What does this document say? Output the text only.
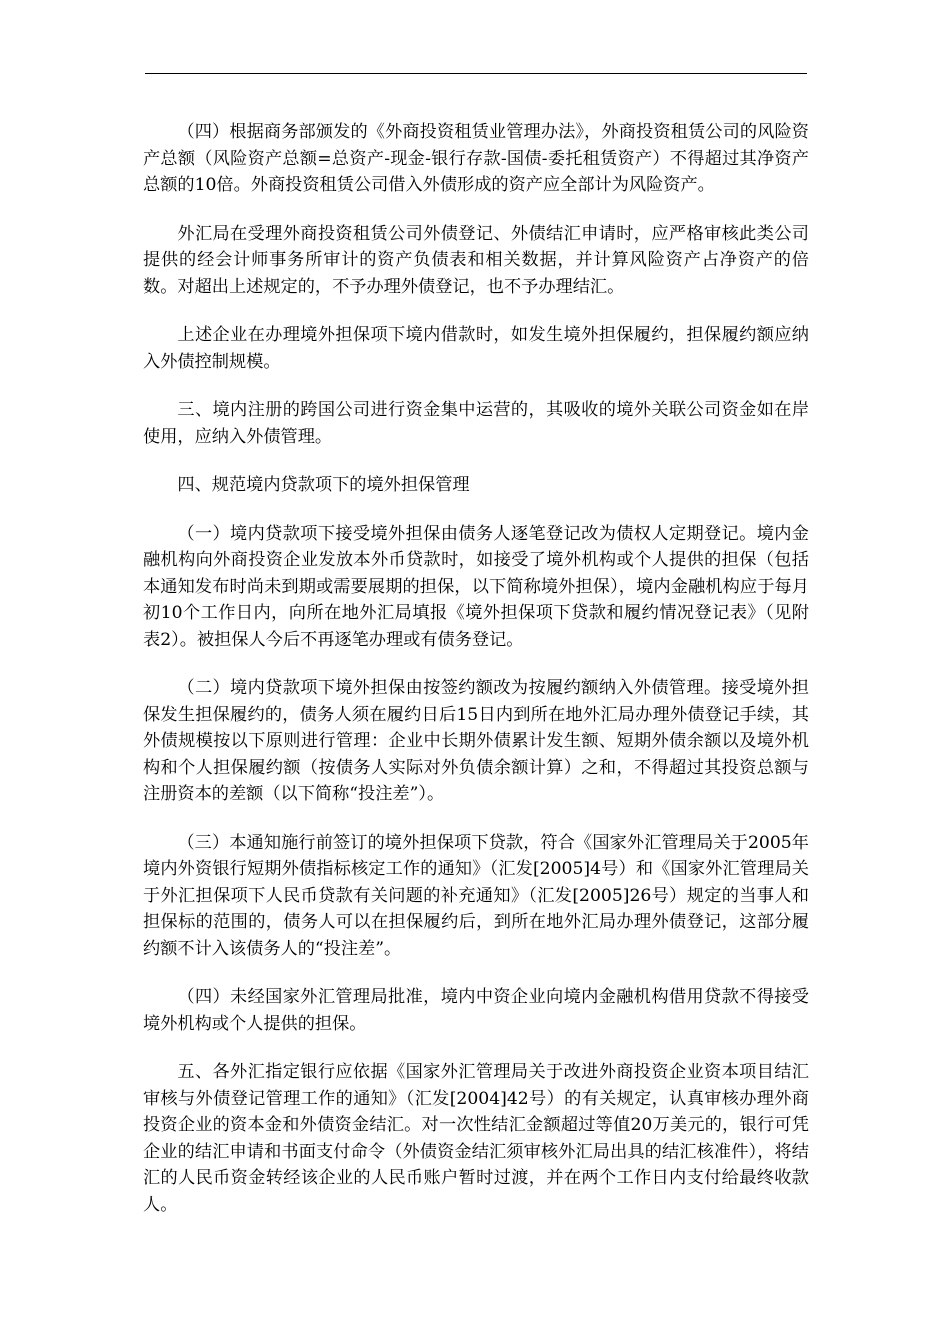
（四）根据商务部颁发的《外商投资租赁业管理办法》，外商投资租赁公司的风险资产总额（风险资产总额=总资产-现金-银行存款-国债-委托租赁资产）不得超过其净资产总额的10倍。外商投资租赁公司借入外债形成的资产应全部计为风险资产。

外汇局在受理外商投资租赁公司外债登记、外债结汇申请时，应严格审核此类公司提供的经会计师事务所审计的资产负债表和相关数据，并计算风险资产占净资产的倍数。对超出上述规定的，不予办理外债登记，也不予办理结汇。

上述企业在办理境外担保项下境内借款时，如发生境外担保履约，担保履约额应纳入外债控制规模。

三、境内注册的跨国公司进行资金集中运营的，其吸收的境外关联公司资金如在岸使用，应纳入外债管理。

四、规范境内贷款项下的境外担保管理

（一）境内贷款项下接受境外担保由债务人逐笔登记改为债权人定期登记。境内金融机构向外商投资企业发放本外币贷款时，如接受了境外机构或个人提供的担保（包括本通知发布时尚未到期或需要展期的担保，以下简称境外担保），境内金融机构应于每月初10个工作日内，向所在地外汇局填报《境外担保项下贷款和履约情况登记表》（见附表2）。被担保人今后不再逐笔办理或有债务登记。

（二）境内贷款项下境外担保由按签约额改为按履约额纳入外债管理。接受境外担保发生担保履约的，债务人须在履约日后15日内到所在地外汇局办理外债登记手续，其外债规模按以下原则进行管理：企业中长期外债累计发生额、短期外债余额以及境外机构和个人担保履约额（按债务人实际对外负债余额计算）之和，不得超过其投资总额与注册资本的差额（以下简称“投注差”）。

（三）本通知施行前签订的境外担保项下贷款，符合《国家外汇管理局关于2005年境内外资银行短期外债指标核定工作的通知》（汇发[2005]4号）和《国家外汇管理局关于外汇担保项下人民币贷款有关问题的补充通知》（汇发[2005]26号）规定的当事人和担保标的范围的，债务人可以在担保履约后，到所在地外汇局办理外债登记，这部分履约额不计入该债务人的“投注差”。

（四）未经国家外汇管理局批准，境内中资企业向境内金融机构借用贷款不得接受境外机构或个人提供的担保。

五、各外汇指定银行应依据《国家外汇管理局关于改进外商投资企业资本项目结汇审核与外债登记管理工作的通知》（汇发[2004]42号）的有关规定，认真审核办理外商投资企业的资本金和外债资金结汇。对一次性结汇金额超过等值20万美元的，银行可凭企业的结汇申请和书面支付命令（外债资金结汇须审核外汇局出具的结汇核准件），将结汇的人民币资金转经该企业的人民币账户暂时过渡，并在两个工作日内支付给最终收款人。
